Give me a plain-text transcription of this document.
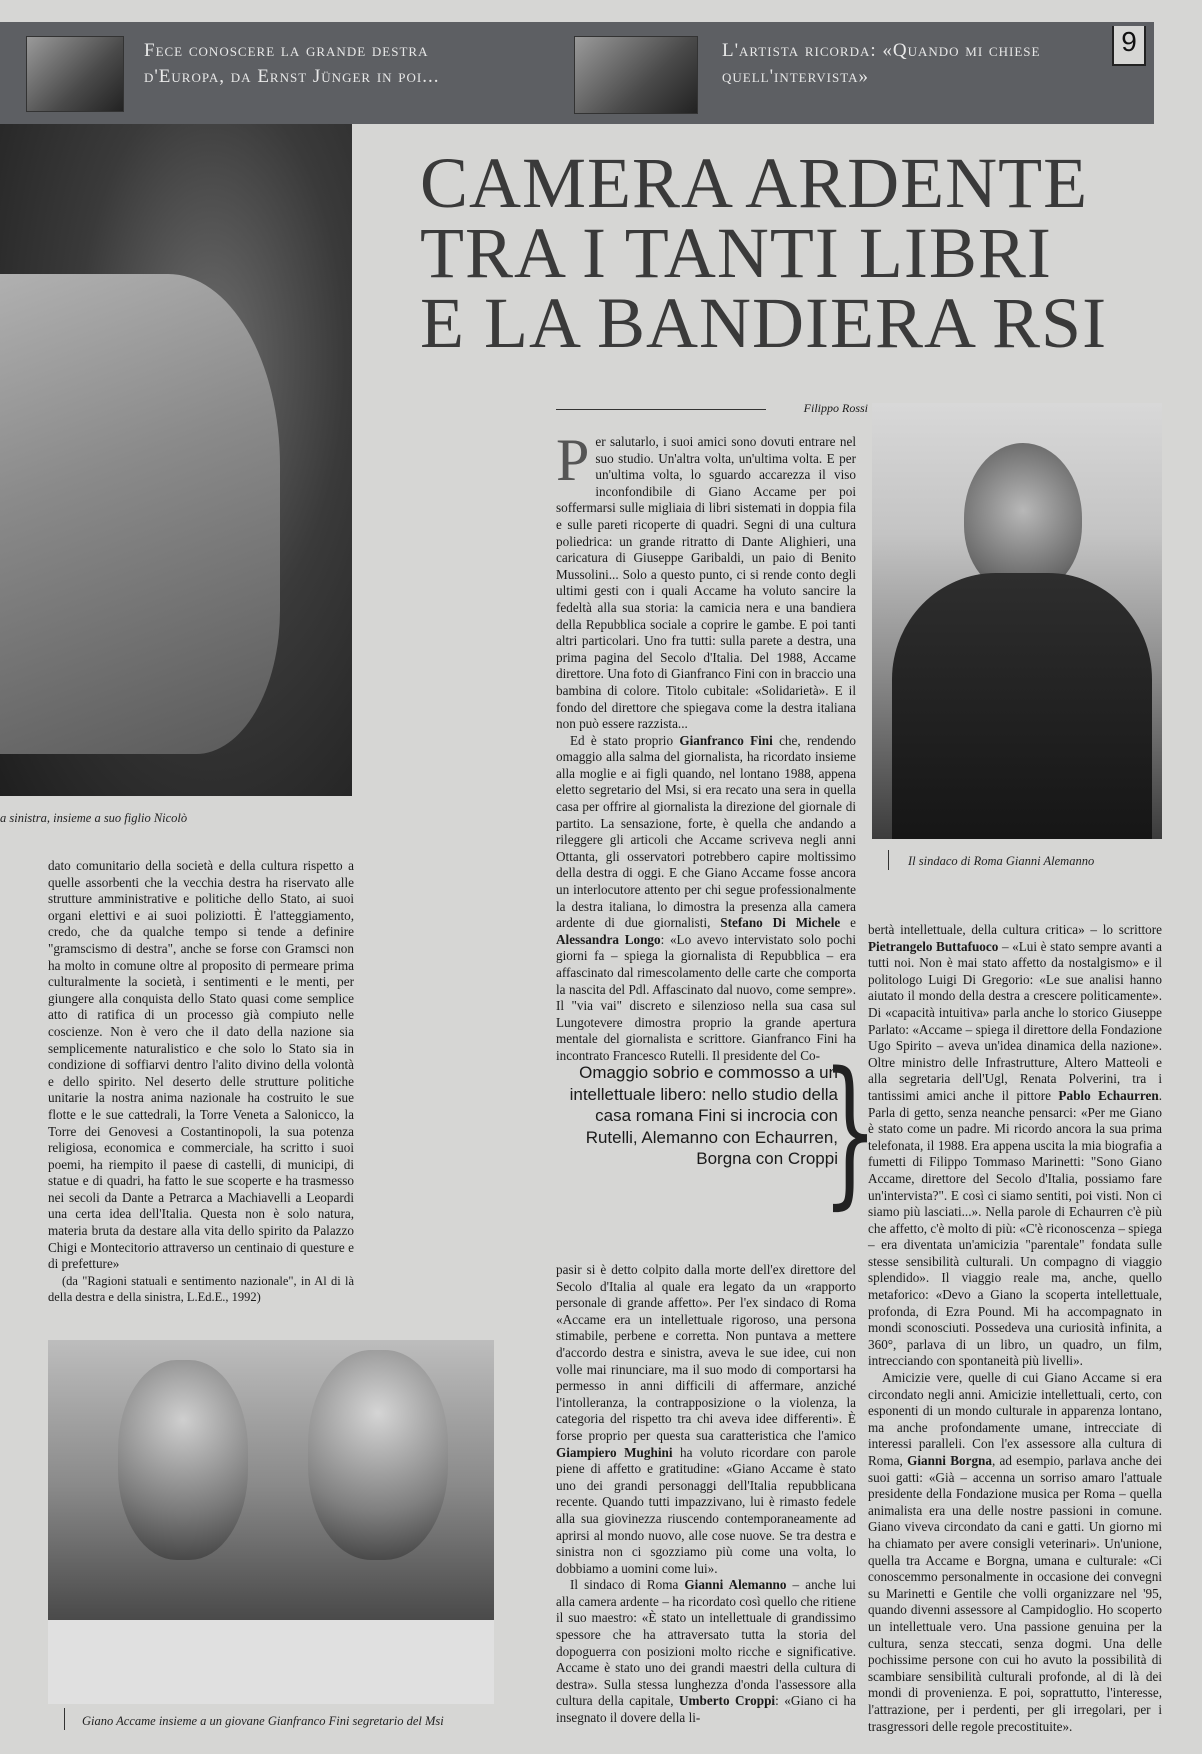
Fece conoscere la grande destra d'Europa, da Ernst Jünger in poi...
L'artista ricorda: «Quando mi chiese quell'intervista»
9
a sinistra, insieme a suo figlio Nicolò
CAMERA ARDENTE
TRA I TANTI LIBRI
E LA BANDIERA RSI
Filippo Rossi
Il sindaco di Roma Gianni Alemanno

dato comunitario della società e della cultura rispetto a quelle assorbenti che la vecchia destra ha riservato alle strutture amministrative e politiche dello Stato, ai suoi organi elettivi e ai suoi poliziotti. È l'atteggiamento, credo, che da qualche tempo si tende a definire "gramscismo di destra", anche se forse con Gramsci non ha molto in comune oltre al proposito di permeare prima culturalmente la società, i sentimenti e le menti, per giungere alla conquista dello Stato quasi come semplice atto di ratifica di un processo già compiuto nelle coscienze. Non è vero che il dato della nazione sia semplicemente naturalistico e che solo lo Stato sia in condizione di soffiarvi dentro l'alito divino della volontà e dello spirito. Nel deserto delle strutture politiche unitarie la nostra anima nazionale ha costruito le sue flotte e le sue cattedrali, la Torre Veneta a Salonicco, la Torre dei Genovesi a Costantinopoli, la sua potenza religiosa, economica e commerciale, ha scritto i suoi poemi, ha riempito il paese di castelli, di municipi, di statue e di quadri, ha fatto le sue scoperte e ha trasmesso nei secoli da Dante a Petrarca a Machiavelli a Leopardi una certa idea dell'Italia. Questa non è solo natura, materia bruta da destare alla vita dello spirito da Palazzo Chigi e Montecitorio attraverso un centinaio di questure e di prefetture»

(da "Ragioni statuali e sentimento nazionale", in Al di là della destra e della sinistra, L.Ed.E., 1992)

Per salutarlo, i suoi amici sono dovuti entrare nel suo studio. Un'altra volta, un'ultima volta. E per un'ultima volta, lo sguardo accarezza il viso inconfondibile di Giano Accame per poi soffermarsi sulle migliaia di libri sistemati in doppia fila e sulle pareti ricoperte di quadri. Segni di una cultura poliedrica: un grande ritratto di Dante Alighieri, una caricatura di Giuseppe Garibaldi, un paio di Benito Mussolini... Solo a questo punto, ci si rende conto degli ultimi gesti con i quali Accame ha voluto sancire la fedeltà alla sua storia: la camicia nera e una bandiera della Repubblica sociale a coprire le gambe. E poi tanti altri particolari. Uno fra tutti: sulla parete a destra, una prima pagina del Secolo d'Italia. Del 1988, Accame direttore. Una foto di Gianfranco Fini con in braccio una bambina di colore. Titolo cubitale: «Solidarietà». E il fondo del direttore che spiegava come la destra italiana non può essere razzista...

Ed è stato proprio Gianfranco Fini che, rendendo omaggio alla salma del giornalista, ha ricordato insieme alla moglie e ai figli quando, nel lontano 1988, appena eletto segretario del Msi, si era recato una sera in quella casa per offrire al giornalista la direzione del giornale di partito. La sensazione, forte, è quella che andando a rileggere gli articoli che Accame scriveva negli anni Ottanta, gli osservatori potrebbero capire moltissimo della destra di oggi. E che Giano Accame fosse ancora un interlocutore attento per chi segue professionalmente la destra italiana, lo dimostra la presenza alla camera ardente di due giornalisti, Stefano Di Michele e Alessandra Longo: «Lo avevo intervistato solo pochi giorni fa – spiega la giornalista di Repubblica – era affascinato dal rimescolamento delle carte che comporta la nascita del Pdl. Affascinato dal nuovo, come sempre». Il "via vai" discreto e silenzioso nella sua casa sul Lungotevere dimostra proprio la grande apertura mentale del giornalista e scrittore. Gianfranco Fini ha incontrato Francesco Rutelli. Il presidente del Co-

Omaggio sobrio e commosso a un intellettuale libero: nello studio della casa romana Fini si incrocia con Rutelli, Alemanno con Echaurren, Borgna con Croppi
}

pasir si è detto colpito dalla morte dell'ex direttore del Secolo d'Italia al quale era legato da un «rapporto personale di grande affetto». Per l'ex sindaco di Roma «Accame era un intellettuale rigoroso, una persona stimabile, perbene e corretta. Non puntava a mettere d'accordo destra e sinistra, aveva le sue idee, cui non volle mai rinunciare, ma il suo modo di comportarsi ha permesso in anni difficili di affermare, anziché l'intolleranza, la contrapposizione o la violenza, la categoria del rispetto tra chi aveva idee differenti». È forse proprio per questa sua caratteristica che l'amico Giampiero Mughini ha voluto ricordare con parole piene di affetto e gratitudine: «Giano Accame è stato uno dei grandi personaggi dell'Italia repubblicana recente. Quando tutti impazzivano, lui è rimasto fedele alla sua giovinezza riuscendo contemporaneamente ad aprirsi al mondo nuovo, alle cose nuove. Se tra destra e sinistra non ci sgozziamo più come una volta, lo dobbiamo a uomini come lui».

Il sindaco di Roma Gianni Alemanno – anche lui alla camera ardente – ha ricordato così quello che ritiene il suo maestro: «È stato un intellettuale di grandissimo spessore che ha attraversato tutta la storia del dopoguerra con posizioni molto ricche e significative. Accame è stato uno dei grandi maestri della cultura di destra». Sulla stessa lunghezza d'onda l'assessore alla cultura della capitale, Umberto Croppi: «Giano ci ha insegnato il dovere della li-

bertà intellettuale, della cultura critica» – lo scrittore Pietrangelo Buttafuoco – «Lui è stato sempre avanti a tutti noi. Non è mai stato affetto da nostalgismo» e il politologo Luigi Di Gregorio: «Le sue analisi hanno aiutato il mondo della destra a crescere politicamente». Di «capacità intuitiva» parla anche lo storico Giuseppe Parlato: «Accame – spiega il direttore della Fondazione Ugo Spirito – aveva un'idea dinamica della nazione». Oltre ministro delle Infrastrutture, Altero Matteoli e alla segretaria dell'Ugl, Renata Polverini, tra i tantissimi amici anche il pittore Pablo Echaurren. Parla di getto, senza neanche pensarci: «Per me Giano è stato come un padre. Mi ricordo ancora la sua prima telefonata, il 1988. Era appena uscita la mia biografia a fumetti di Filippo Tommaso Marinetti: "Sono Giano Accame, direttore del Secolo d'Italia, possiamo fare un'intervista?". E così ci siamo sentiti, poi visti. Non ci siamo più lasciati...». Nella parole di Echaurren c'è più che affetto, c'è molto di più: «C'è riconoscenza – spiega – era diventata un'amicizia "parentale" fondata sulle stesse sensibilità culturali. Un compagno di viaggio splendido». Il viaggio reale ma, anche, quello metaforico: «Devo a Giano la scoperta intellettuale, profonda, di Ezra Pound. Mi ha accompagnato in mondi sconosciuti. Possedeva una curiosità infinita, a 360°, parlava di un libro, un quadro, un film, intrecciando con spontaneità più livelli».

Amicizie vere, quelle di cui Giano Accame si era circondato negli anni. Amicizie intellettuali, certo, con esponenti di un mondo culturale in apparenza lontano, ma anche profondamente umane, intrecciate di interessi paralleli. Con l'ex assessore alla cultura di Roma, Gianni Borgna, ad esempio, parlava anche dei suoi gatti: «Già – accenna un sorriso amaro l'attuale presidente della Fondazione musica per Roma – quella animalista era una delle nostre passioni in comune. Giano viveva circondato da cani e gatti. Un giorno mi ha chiamato per avere consigli veterinari». Un'unione, quella tra Accame e Borgna, umana e culturale: «Ci conoscemmo personalmente in occasione dei convegni su Marinetti e Gentile che volli organizzare nel '95, quando divenni assessore al Campidoglio. Ho scoperto un intellettuale vero. Una passione genuina per la cultura, senza steccati, senza dogmi. Una delle pochissime persone con cui ho avuto la possibilità di scambiare sensibilità culturali profonde, al di là dei mondi di provenienza. E poi, soprattutto, l'interesse, l'attrazione, per i perdenti, per gli irregolari, per i trasgressori delle regole precostituite».

Giano Accame insieme a un giovane Gianfranco Fini segretario del Msi
